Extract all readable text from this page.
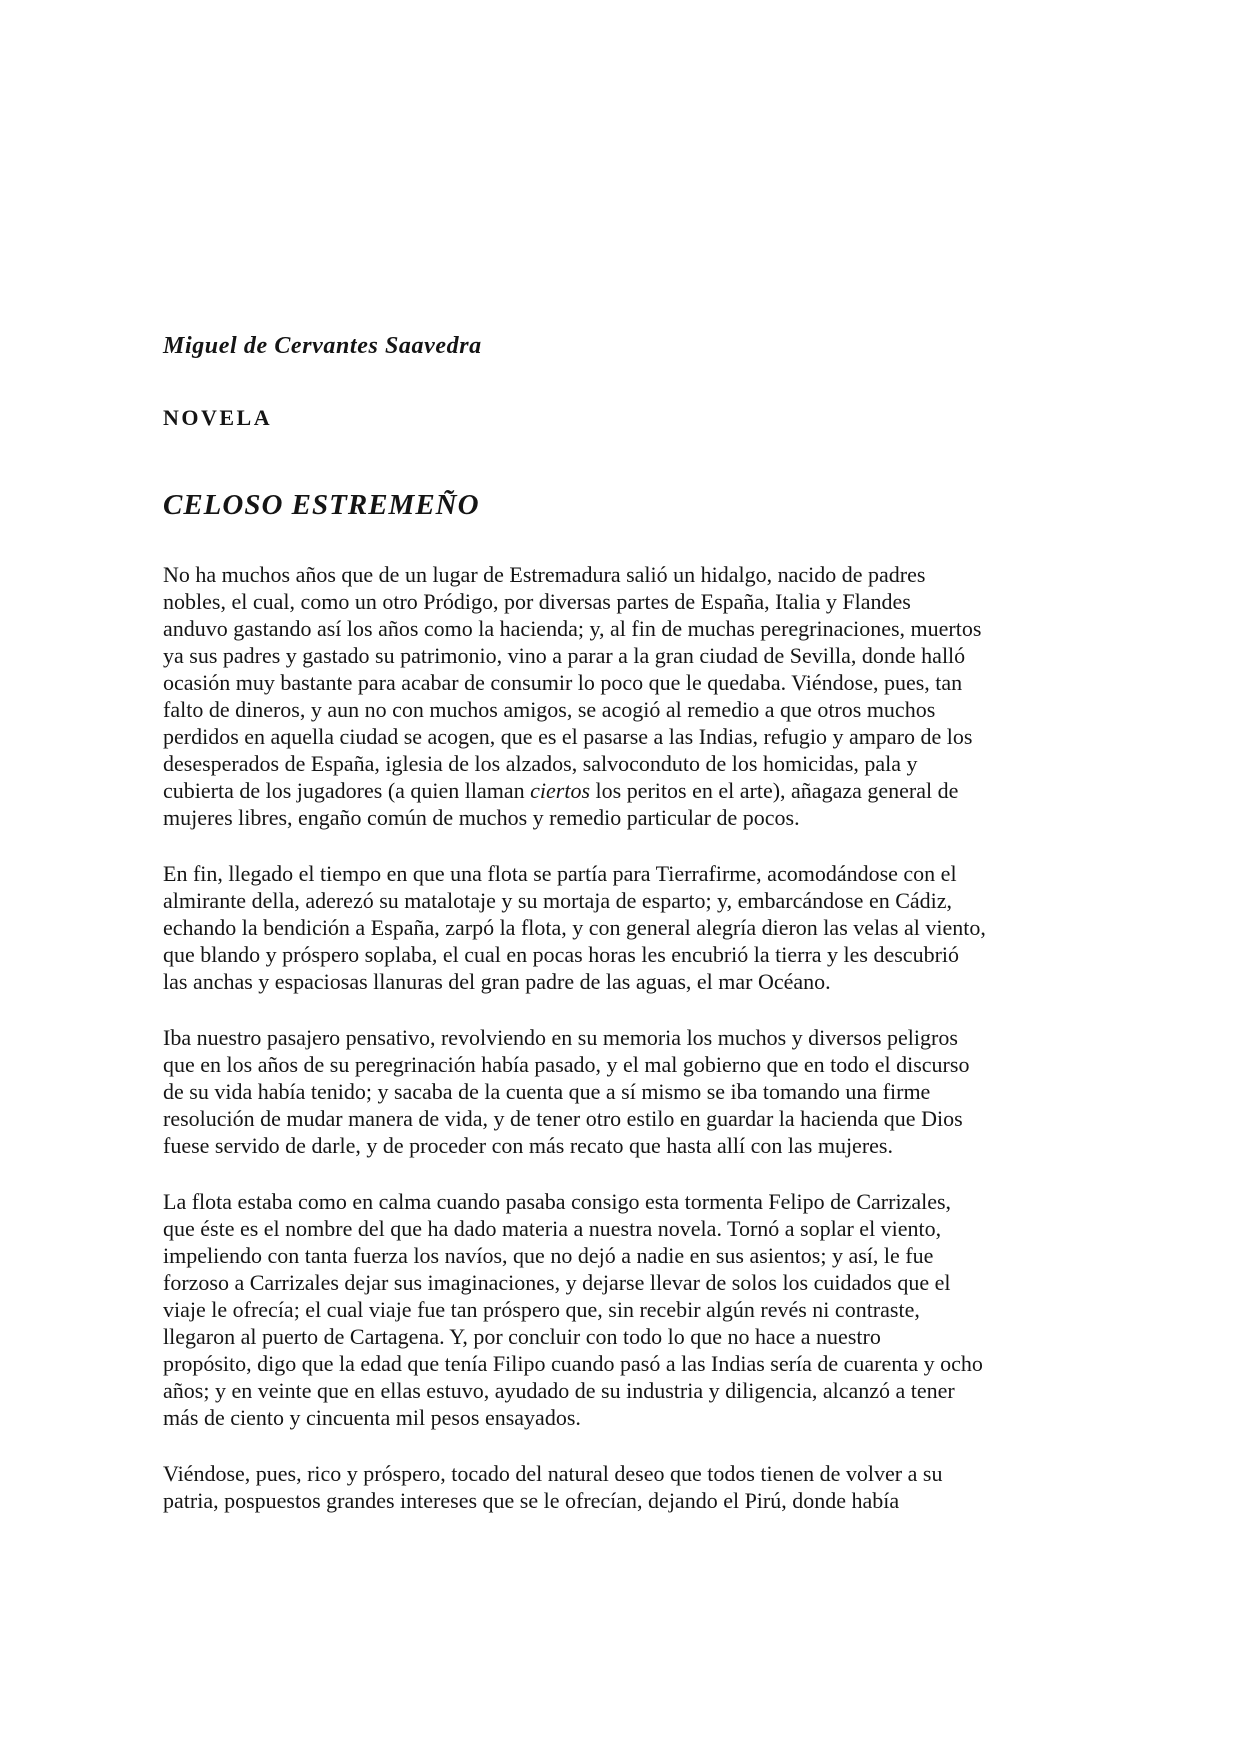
Miguel de Cervantes Saavedra
NOVELA
CELOSO ESTREMEÑO
No ha muchos años que de un lugar de Estremadura salió un hidalgo, nacido de padres
nobles, el cual, como un otro Pródigo, por diversas partes de España, Italia y Flandes
anduvo gastando así los años como la hacienda; y, al fin de muchas peregrinaciones, muertos
ya sus padres y gastado su patrimonio, vino a parar a la gran ciudad de Sevilla, donde halló
ocasión muy bastante para acabar de consumir lo poco que le quedaba. Viéndose, pues, tan
falto de dineros, y aun no con muchos amigos, se acogió al remedio a que otros muchos
perdidos en aquella ciudad se acogen, que es el pasarse a las Indias, refugio y amparo de los
desesperados de España, iglesia de los alzados, salvoconduto de los homicidas, pala y
cubierta de los jugadores (a quien llaman ciertos los peritos en el arte), añagaza general de
mujeres libres, engaño común de muchos y remedio particular de pocos.
En fin, llegado el tiempo en que una flota se partía para Tierrafirme, acomodándose con el
almirante della, aderezó su matalotaje y su mortaja de esparto; y, embarcándose en Cádiz,
echando la bendición a España, zarpó la flota, y con general alegría dieron las velas al viento,
que blando y próspero soplaba, el cual en pocas horas les encubrió la tierra y les descubrió
las anchas y espaciosas llanuras del gran padre de las aguas, el mar Océano.
Iba nuestro pasajero pensativo, revolviendo en su memoria los muchos y diversos peligros
que en los años de su peregrinación había pasado, y el mal gobierno que en todo el discurso
de su vida había tenido; y sacaba de la cuenta que a sí mismo se iba tomando una firme
resolución de mudar manera de vida, y de tener otro estilo en guardar la hacienda que Dios
fuese servido de darle, y de proceder con más recato que hasta allí con las mujeres.
La flota estaba como en calma cuando pasaba consigo esta tormenta Felipo de Carrizales,
que éste es el nombre del que ha dado materia a nuestra novela. Tornó a soplar el viento,
impeliendo con tanta fuerza los navíos, que no dejó a nadie en sus asientos; y así, le fue
forzoso a Carrizales dejar sus imaginaciones, y dejarse llevar de solos los cuidados que el
viaje le ofrecía; el cual viaje fue tan próspero que, sin recebir algún revés ni contraste,
llegaron al puerto de Cartagena. Y, por concluir con todo lo que no hace a nuestro
propósito, digo que la edad que tenía Filipo cuando pasó a las Indias sería de cuarenta y ocho
años; y en veinte que en ellas estuvo, ayudado de su industria y diligencia, alcanzó a tener
más de ciento y cincuenta mil pesos ensayados.
Viéndose, pues, rico y próspero, tocado del natural deseo que todos tienen de volver a su
patria, pospuestos grandes intereses que se le ofrecían, dejando el Pirú, donde había
